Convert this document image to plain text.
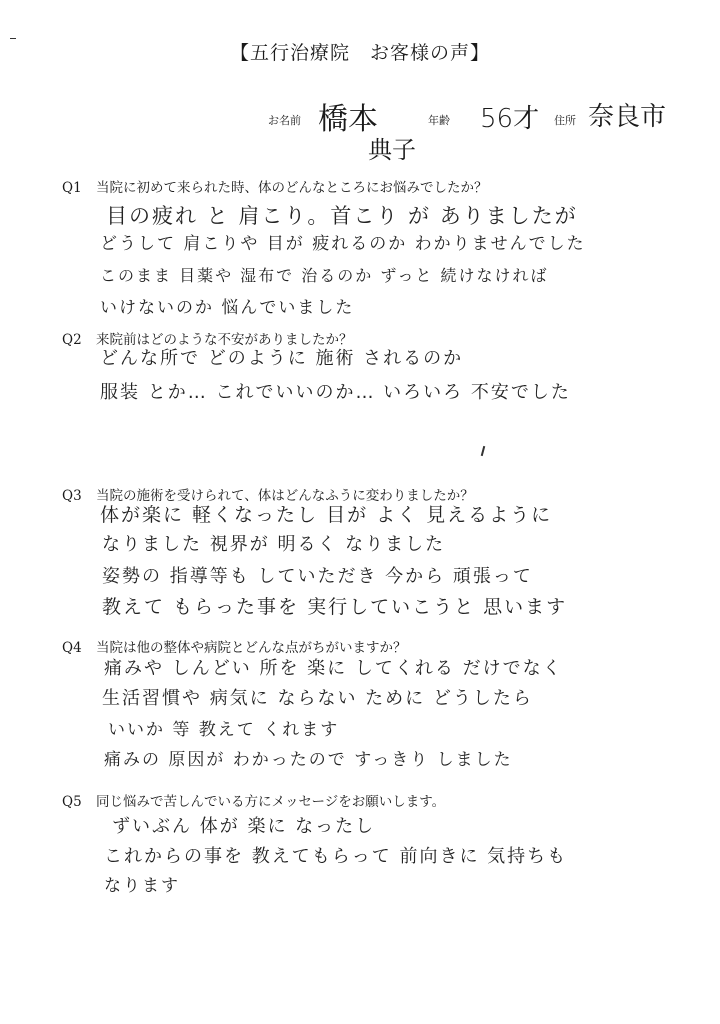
【五行治療院　お客様の声】
お名前 橋本
典子
年齢 56才 住所 奈良市
Q1 当院に初めて来られた時、体のどんなところにお悩みでしたか？
目の疲れ と 肩こり。首こり が ありましたが
どうして 肩こりや 目が 疲れるのか わかりませんでした
このまま 目薬や 湿布で 治るのか ずっと 続けなければ
いけないのか 悩んでいました
Q2 来院前はどのような不安がありましたか？
どんな所で どのように 施術 されるのか
服装 とか… これでいいのか… いろいろ 不安でした
Q3 当院の施術を受けられて、体はどんなふうに変わりましたか？
体が楽に 軽くなったし 目が よく 見えるように
なりました 視界が 明るく なりました
姿勢の 指導等も していただき 今から 頑張って
教えて もらった事を 実行していこうと 思います
Q4 当院は他の整体や病院とどんな点がちがいますか？
痛みや しんどい 所を 楽に してくれる だけでなく
生活習慣や 病気に ならない ために どうしたら
いいか 等 教えて くれます
痛みの 原因が わかったので すっきり しました
Q5 同じ悩みで苦しんでいる方にメッセージをお願いします。
ずいぶん 体が 楽に なったし
これからの事を 教えてもらって 前向きに 気持ちも
なります
